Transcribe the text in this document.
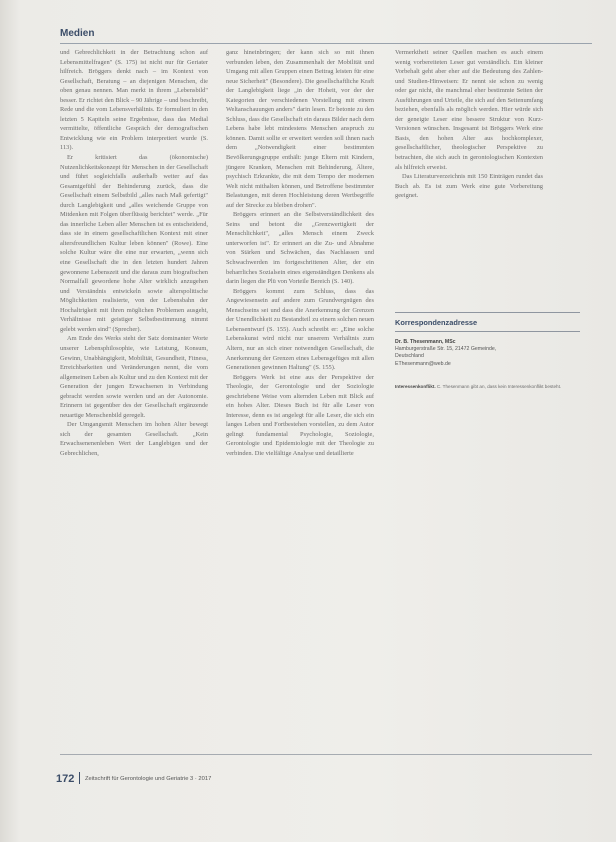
Medien

und Gebrechlichkeit in der Betrachtung schon auf Lebensmittelfragen" (S. 175) ist nicht nur für Geriater hilfreich. Bröggers denkt nach – im Kontext von Gesellschaft, Beratung – an diejenigen Menschen, die oben genau nennen. Man merkt in ihrem „Lebensbild" besser. Er richtet den Blick – 90 Jährige – und beschreibt, Rede und die vom Lebensverhältnis. Er formuliert in den letzten 5 Kapiteln seine Ergebnisse, dass das Medial vermittelte, öffentliche Gespräch der demografischen Entwicklung wie ein Problem interpretiert wurde (S. 113).

Er kritisiert das (ökonomische) Nutzenlichkeitskonzept für Menschen in der Gesellschaft und führt sogleichfalls außerhalb weiter auf das Gesamtgefühl der Behinderung zurück, dass die Gesellschaft einem Selbstbild „alles nach Maß gefertigt" durch Langlebigkeit und „alles weichende Gruppe von Mitdenken mit Folgen überflüssig berichtet" werde. „Für das innerliche Leben aller Menschen ist es entscheidend, dass sie in einem gesellschaftlichen Kontext mit einer altersfreundlichen Kultur leben können" (Rowe). Eine solche Kultur wäre die eine nur erwarten, „wenn sich eine Gesellschaft die in den letzten hundert Jahren gewonnene Lebenszeit und die daraus zum biografischen Normalfall gewordene hohe Alter wirklich anzugehen und Verständnis entwickeln sowie alterspolitische Möglichkeiten realisierte, von der Lebensbahn der Hochaltrigkeit mit ihren möglichen Problemen ausgeht, Verhältnisse mit geistiger Selbstbestimmung nimmt gelebt werden sind" (Sprecher).

Am Ende des Werks steht der Satz dominanter Worte unserer Lebensphilosophie, wie Leistung, Konsum, Gewinn, Unabhängigkeit, Mobilität, Gesundheit, Fitness, Erreichbarkeiten und Veränderungen nennt, die vom allgemeinen Leben als Kultur und zu den Kontext mit der Generation der jungen Erwachsenen in Verbindung gebracht werden sowie werden und an der Autonomie. Erinnern ist gegenüber des der Gesellschaft ergänzende neuartige Menschenbild geregelt.

Der Umgangsmit Menschen im hohen Alter bewegt sich der gesamten Gesellschaft. „Kein Erwachsenenenleben Wert der Langlebigen und der Gebrechlichen,

ganz hineinbringen; der kann sich so mit ihnen verbunden leben, den Zusammenhalt der Mobilität und Umgang mit allen Gruppen einen Beitrag leisten für eine neue Sicherheit" (Besondere). Die gesellschaftliche Kraft der Langlebigkeit liege „in der Hoheit, vor der der Kategorien der verschiedenen Vorstellung mit einem Weltanschauungen anders" darin lesen. Er betonte zu den Schluss, dass die Gesellschaft ein daraus Bilder nach dem Lebens habe lebt mindestens Menschen anspruch zu können. Damit sollte er erweitert werden soll ihnen nach dem „Notwendigkeit einer bestimmten Bevölkerungsgruppe enthält: junge Eltern mit Kindern, jüngere Kranken, Menschen mit Behinderung, Ältere, psychisch Erkrankte, die mit dem Tempo der modernen Welt nicht mithalten können, und Betroffene bestimmter Belastungen, mit deren Hochleistung deren Wertbegriffe auf der Strecke zu bleiben drohen".

Bröggers erinnert an die Selbstverständlichkeit des Seins und betont die „Grenzwertigkeit der Menschlichkeit", „alles Mensch einem Zweck unterworfen ist". Er erinnert an die Zu- und Abnahme von Stärken und Schwächen, das Nachlassen und Schwachwerden im fortgeschrittenen Alter, der ein beharrliches Sozialsein eines eigenständigen Denkens als darin liegen die Plü von Vorteile Bereich (S. 140).

Bröggers kommt zum Schluss, dass das Angewiesensein auf andere zum Grundvergnügen des Menschseins sei und dass die Anerkennung der Grenzen der Unendlichkeit zu Bestandteil zu einem solchen neuen Lebensentwurf (S. 155). Auch schreibt er: „Eine solche Lebenskunst wird nicht nur unserem Verhältnis zum Altern, nur an sich einer notwendigen Gesellschaft, die Anerkennung der Grenzen eines Lebensgefüges mit allen Generationen gewinnen Haltung" (S. 155).

Bröggers Werk ist eine aus der Perspektive der Theologie, der Gerontologie und der Soziologie geschriebene Weise vom alternden Leben mit Blick auf ein hohes Alter. Dieses Buch ist für alle Leser von Interesse, denn es ist angelegt für alle Leser, die sich ein langes Leben und Fortbestehen vorstellen, zu dem Autor gelingt fundamental Psychologie, Soziologie, Gerontologie und Epidemiologie mit der Theologie zu verbinden. Die vielfältige Analyse und detaillierte

Vermerktheit seiner Quellen machen es auch einem wenig vorbereiteten Leser gut verständlich. Ein kleiner Vorbehalt geht aber eher auf die Bedeutung des Zahlen- und Studien-Hinweisen: Er nennt sie schon zu wenig oder gar nicht, die manchmal eher bestimmte Seiten der Ausführungen und Urteile, die sich auf den Seitenumfang beziehen, ebenfalls als möglich werden. Hier würde sich der geneigte Leser eine bessere Struktur von Kurz-Versionen wünschen. Insgesamt ist Bröggers Werk eine Basis, den hohen Alter aus hochkomplexer, gesellschaftlicher, theologischer Perspektive zu betrachten, die sich auch in gerontologischen Kontexten als hilfreich erweist.

Das Literaturverzeichnis mit 150 Einträgen rundet das Buch ab. Es ist zum Werk eine gute Vorbereitung geeignet.

Korrespondenzadresse
Dr. B. Thesenmann, MSc
Hamburgerstraße Str. 15, 21472 Gemeinde,
Deutschland
EThesenmann@web.de
Interessenkonflikt. C. Thesenmann gibt an, dass kein Interessenkonflikt besteht.
172 Zeitschrift für Gerontologie und Geriatrie 3 · 2017
